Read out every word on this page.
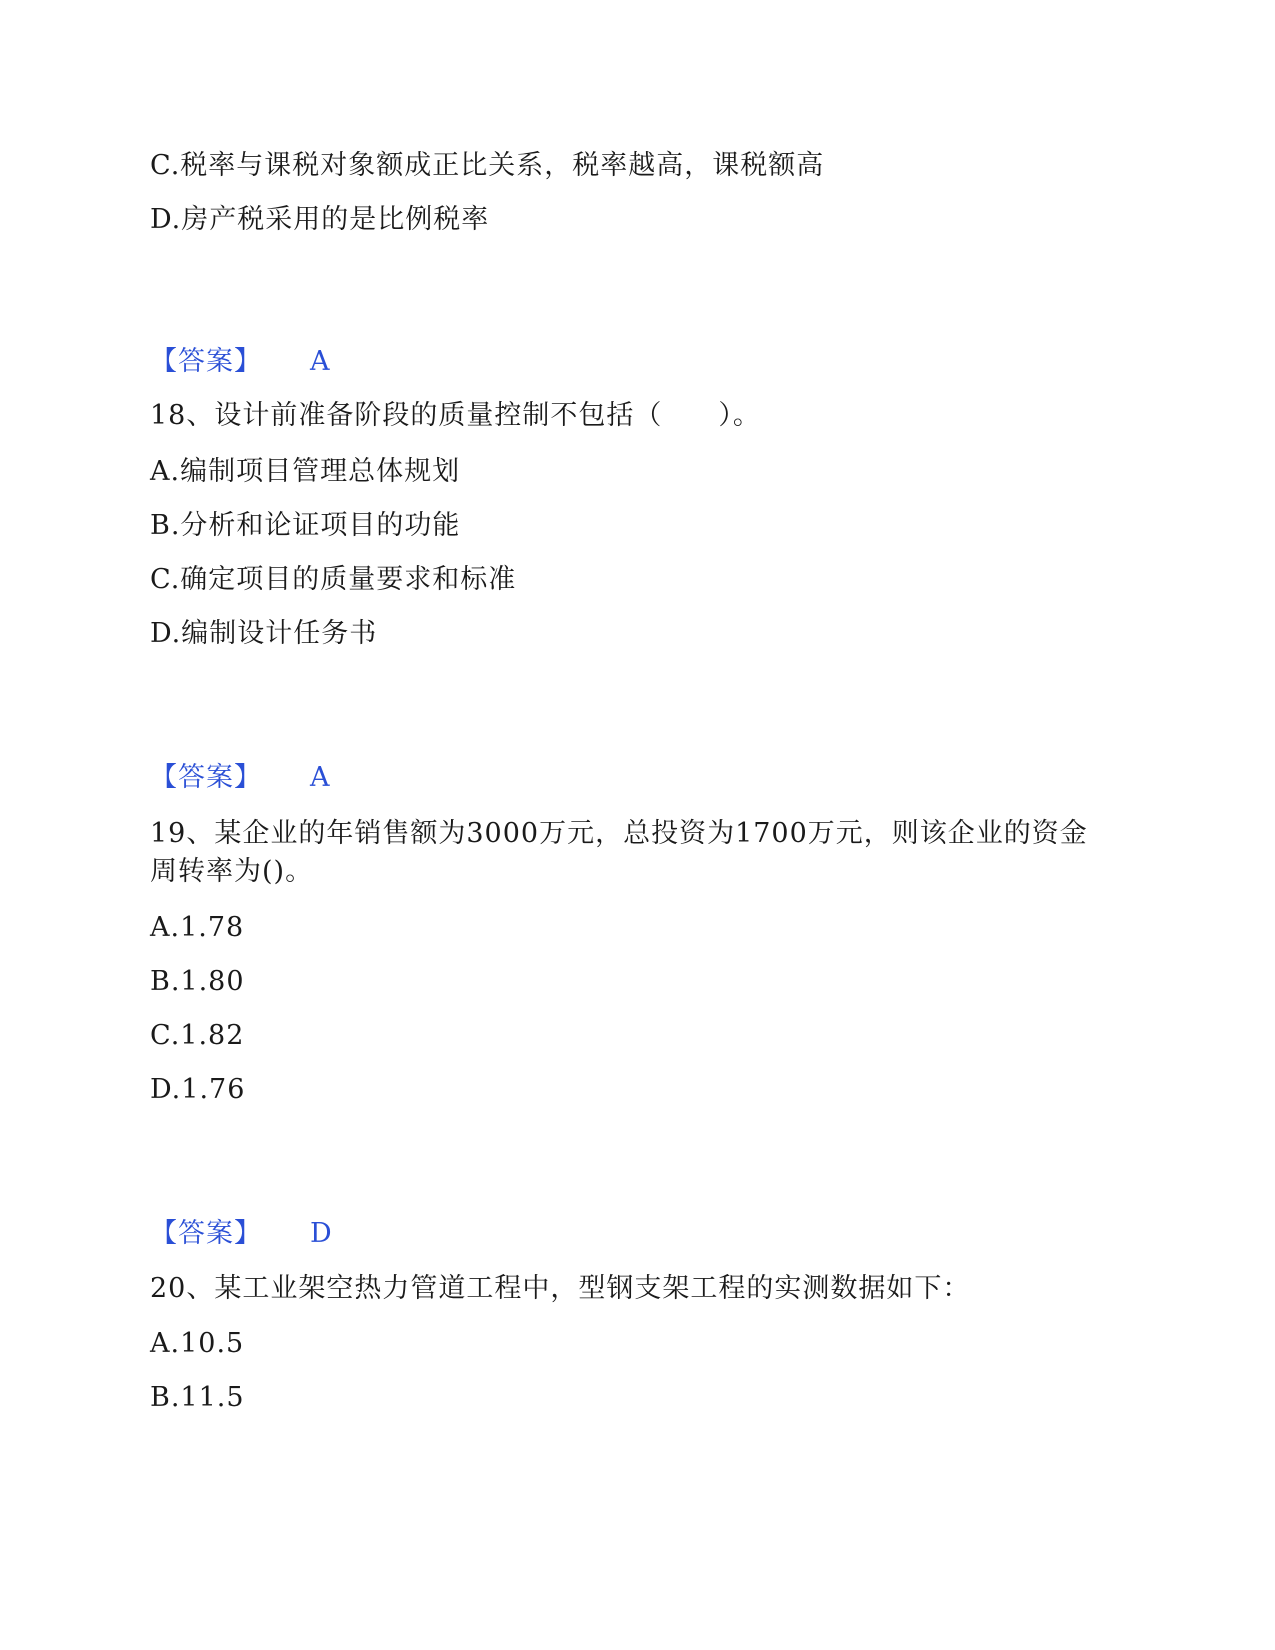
C.税率与课税对象额成正比关系，税率越高，课税额高
D.房产税采用的是比例税率
【答案】 A
18、设计前准备阶段的质量控制不包括（　　）。
A.编制项目管理总体规划
B.分析和论证项目的功能
C.确定项目的质量要求和标准
D.编制设计任务书
【答案】 A
19、某企业的年销售额为3000万元，总投资为1700万元，则该企业的资金
周转率为()。
A.1.78
B.1.80
C.1.82
D.1.76
【答案】 D
20、某工业架空热力管道工程中，型钢支架工程的实测数据如下：
A.10.5
B.11.5
